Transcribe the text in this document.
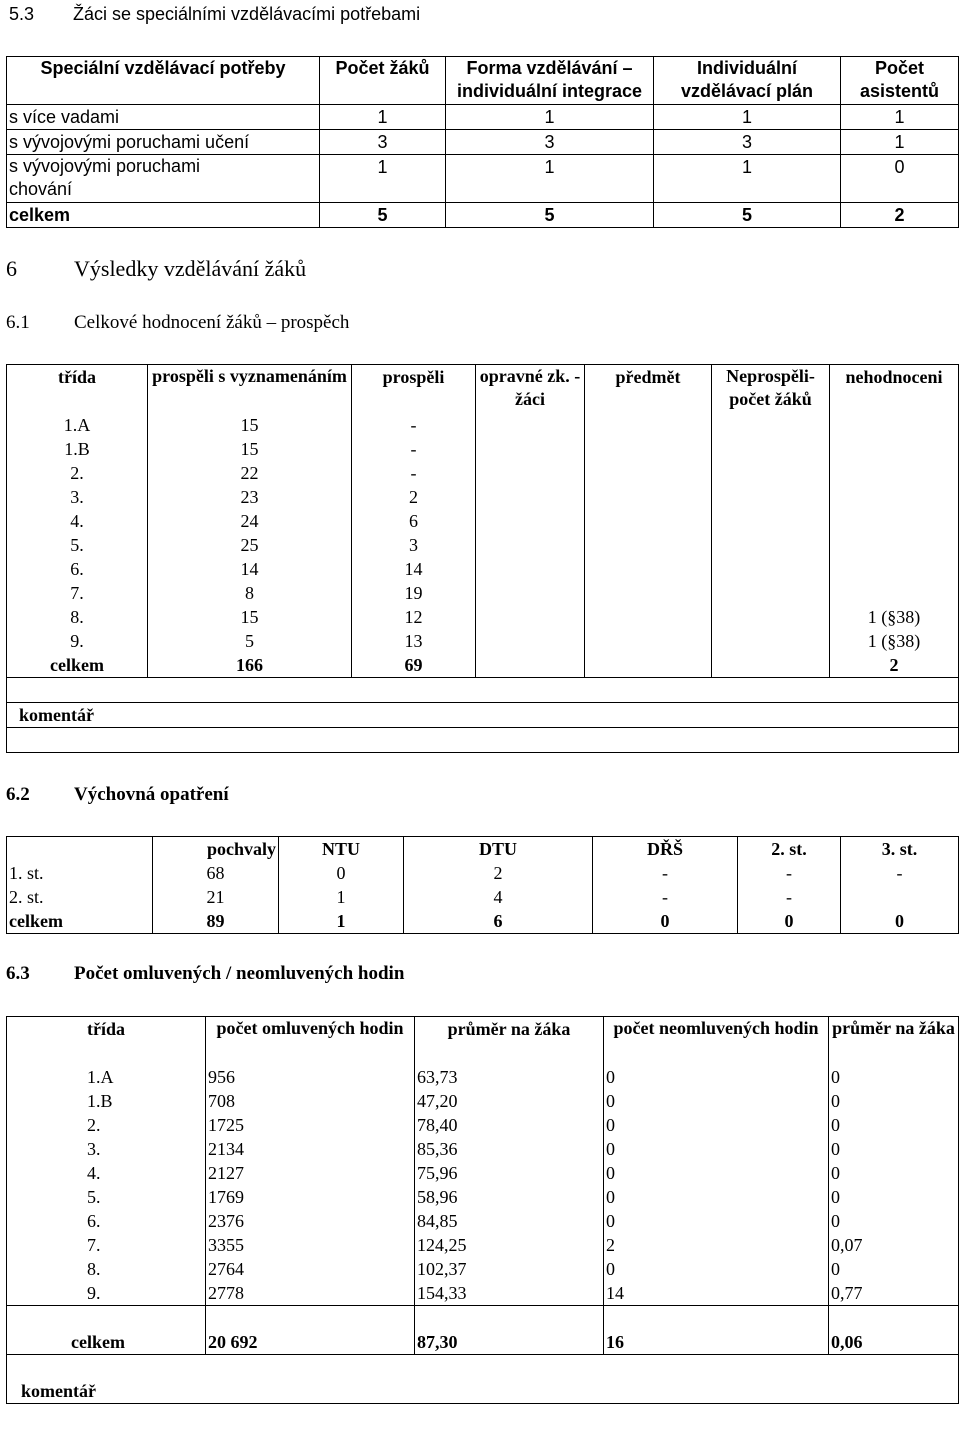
5.3 Žáci se speciálními vzdělávacími potřebami
Speciální vzdělávací potřeby	Počet žáků	Forma vzdělávání – individuální integrace	Individuální vzdělávací plán	Počet asistentů
s více vadami	1	1	1	1
s vývojovými poruchami učení	3	3	3	1
s vývojovými poruchami chování	1	1	1	0
celkem	5	5	5	2
6	Výsledky vzdělávání žáků
6.1 Celkové hodnocení žáků – prospěch
třída	prospěli s vyznamenáním	prospěli	opravné zk. - žáci	předmět	Neprospěli-počet žáků	nehodnoceni
1.A	15	-				
1.B	15	-				
2.	22	-				
3.	23	2				
4.	24	6				
5.	25	3				
6.	14	14				
7.	8	19				
8.	15	12				1 (§38)
9.	5	13				1 (§38)
celkem	166	69				2

komentář						

6.2 Výchovná opatření
	pochvaly	NTU	DTU	DŘŠ	2. st.	3. st.
1. st.	68	0	2	-	-	-
2. st.	21	1	4	-	-	
celkem	89	1	6	0	0	0
6.3 Počet omluvených / neomluvených hodin
třída	počet omluvených hodin	průměr na žáka	počet neomluvených hodin	průměr na žáka
1.A	956	63,73	0	0
1.B	708	47,20	0	0
2.	1725	78,40	0	0
3.	2134	85,36	0	0
4.	2127	75,96	0	0
5.	1769	58,96	0	0
6.	2376	84,85	0	0
7.	3355	124,25	2	0,07
8.	2764	102,37	0	0
9.	2778	154,33	14	0,77

celkem	20 692	87,30	16	0,06

komentář				
